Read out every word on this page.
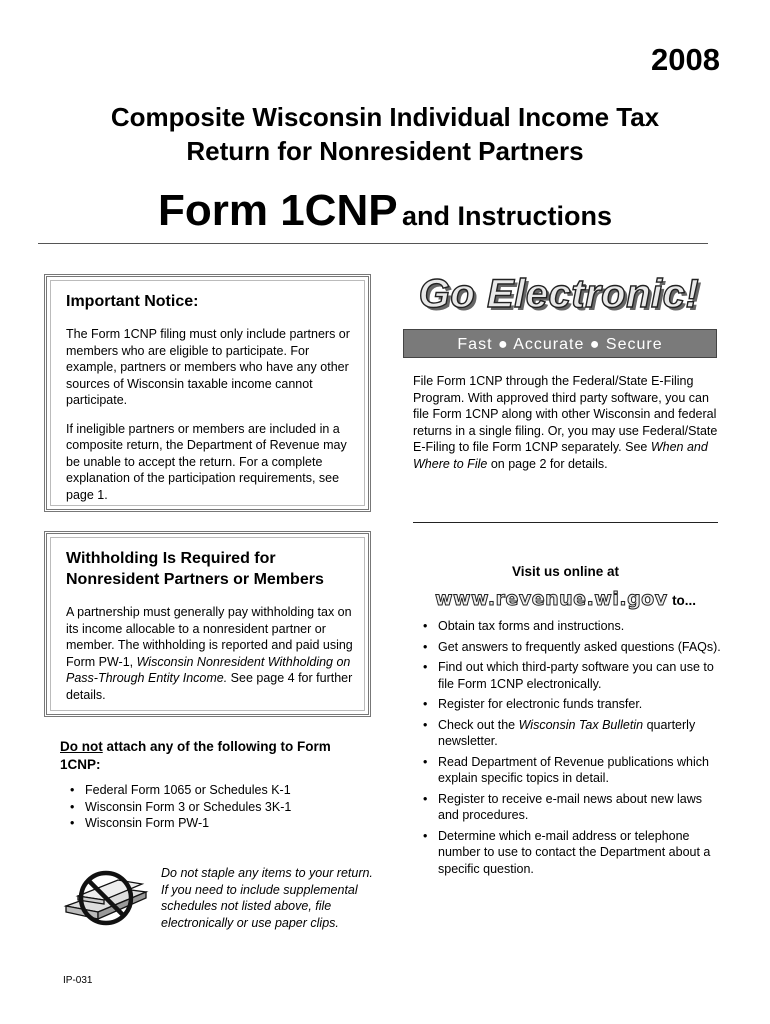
2008
Composite Wisconsin Individual Income Tax
Return for Nonresident Partners
Form 1CNP and Instructions
Important Notice:

The Form 1CNP filing must only include partners or members who are eligible to participate. For example, partners or members who have any other sources of Wisconsin taxable income cannot participate.

If ineligible partners or members are included in a composite return, the Department of Revenue may be unable to accept the return. For a complete explanation of the participation requirements, see page 1.

Withholding Is Required for
Nonresident Partners or Members

A partnership must generally pay withholding tax on its income allocable to a nonresident partner or member. The withholding is reported and paid using Form PW-1, Wisconsin Nonresident Withholding on Pass-Through Entity Income. See page 4 for further details.

Go Electronic!
Fast ● Accurate ● Secure
File Form 1CNP through the Federal/State E-Filing Program. With approved third party software, you can file Form 1CNP along with other Wisconsin and federal returns in a single filing. Or, you may use Federal/State E-Filing to file Form 1CNP separately. See When and Where to File on page 2 for details.
Visit us online at
www.revenue.wi.gov to...
• Obtain tax forms and instructions.
• Get answers to frequently asked questions (FAQs).
• Find out which third-party software you can use to file Form 1CNP electronically.
• Register for electronic funds transfer.
• Check out the Wisconsin Tax Bulletin quarterly newsletter.
• Read Department of Revenue publications which explain specific topics in detail.
• Register to receive e-mail news about new laws and procedures.
• Determine which e-mail address or telephone number to use to contact the Department about a specific question.
Do not attach any of the following to Form 1CNP:
• Federal Form 1065 or Schedules K-1
• Wisconsin Form 3 or Schedules 3K-1
• Wisconsin Form PW-1
Do not staple any items to your return. If you need to include supplemental schedules not listed above, file electronically or use paper clips.
IP-031
